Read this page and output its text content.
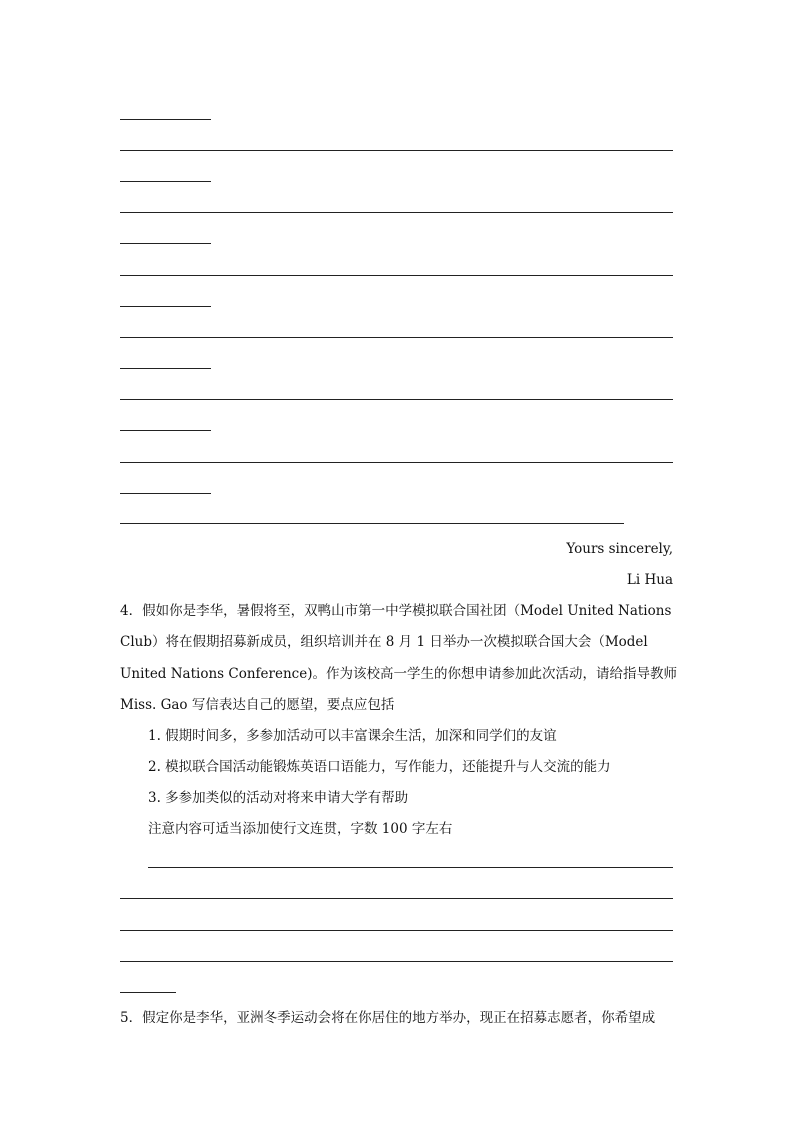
Yours sincerely,
Li Hua
4．假如你是李华，暑假将至，双鸭山市第一中学模拟联合国社团（Model United Nations
Club）将在假期招募新成员，组织培训并在 8 月 1 日举办一次模拟联合国大会（Model
United Nations Conference)。作为该校高一学生的你想申请参加此次活动，请给指导教师
Miss. Gao 写信表达自己的愿望，要点应包括
1. 假期时间多，多参加活动可以丰富课余生活，加深和同学们的友谊
2. 模拟联合国活动能锻炼英语口语能力，写作能力，还能提升与人交流的能力
3. 多参加类似的活动对将来申请大学有帮助
注意内容可适当添加使行文连贯，字数 100 字左右
5．假定你是李华，亚洲冬季运动会将在你居住的地方举办，现正在招募志愿者，你希望成
